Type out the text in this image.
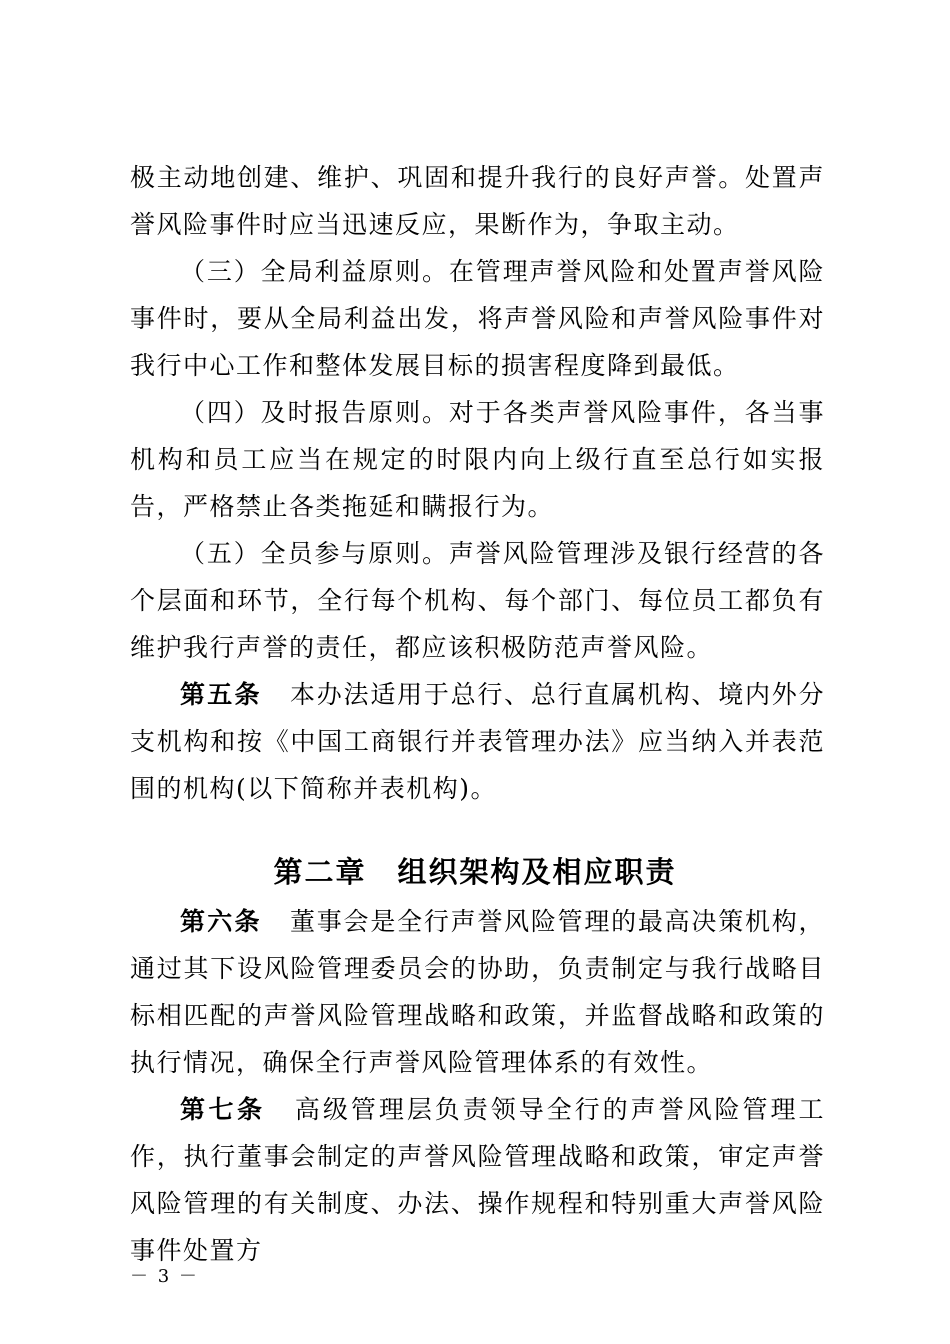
极主动地创建、维护、巩固和提升我行的良好声誉。处置声誉风险事件时应当迅速反应，果断作为，争取主动。
（三）全局利益原则。在管理声誉风险和处置声誉风险事件时，要从全局利益出发，将声誉风险和声誉风险事件对我行中心工作和整体发展目标的损害程度降到最低。
（四）及时报告原则。对于各类声誉风险事件，各当事机构和员工应当在规定的时限内向上级行直至总行如实报告，严格禁止各类拖延和瞒报行为。
（五）全员参与原则。声誉风险管理涉及银行经营的各个层面和环节，全行每个机构、每个部门、每位员工都负有维护我行声誉的责任，都应该积极防范声誉风险。
第五条 本办法适用于总行、总行直属机构、境内外分支机构和按《中国工商银行并表管理办法》应当纳入并表范围的机构(以下简称并表机构)。
第二章　组织架构及相应职责
第六条 董事会是全行声誉风险管理的最高决策机构，通过其下设风险管理委员会的协助，负责制定与我行战略目标相匹配的声誉风险管理战略和政策，并监督战略和政策的执行情况，确保全行声誉风险管理体系的有效性。
第七条 高级管理层负责领导全行的声誉风险管理工作，执行董事会制定的声誉风险管理战略和政策，审定声誉风险管理的有关制度、办法、操作规程和特别重大声誉风险事件处置方
－ 3 －
